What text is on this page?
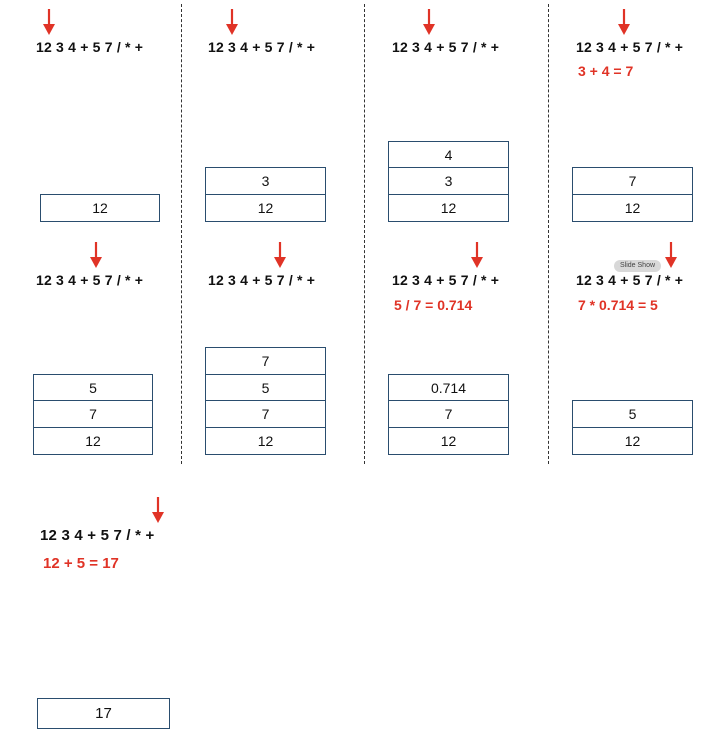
12 3 4 + 5 7 / * +
12
12 3 4 + 5 7 / * +
3
12
12 3 4 + 5 7 / * +
4
3
12
12 3 4 + 5 7 / * +
3 + 4 = 7
7
12
12 3 4 + 5 7 / * +
5
7
12
12 3 4 + 5 7 / * +
7
5
7
12
12 3 4 + 5 7 / * +
5 / 7 = 0.714
0.714
7
12
12 3 4 + 5 7 / * +
7 * 0.714 = 5
5
12
12 3 4 + 5 7 / * +
12 + 5 = 17
17
Slide Show
